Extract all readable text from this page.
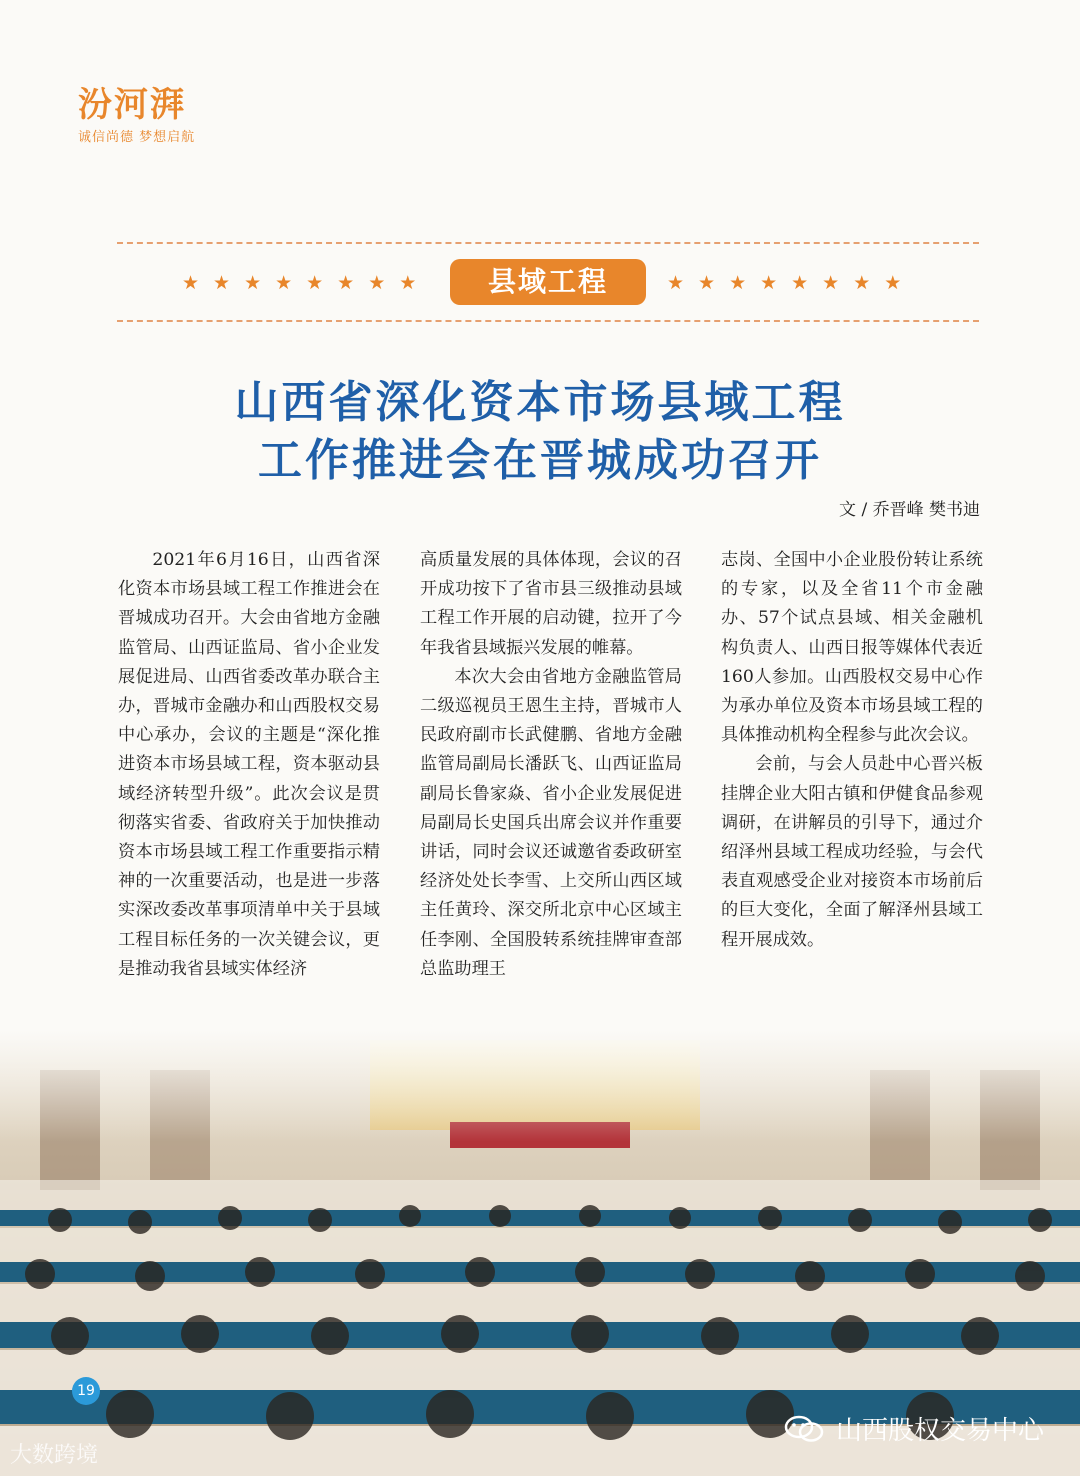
汾河湃
诚信尚德 梦想启航
★★★★★★★★	县域工程	★★★★★★★★
山西省深化资本市场县域工程
工作推进会在晋城成功召开
文 / 乔晋峰 樊书迪

2021年6月16日，山西省深化资本市场县域工程工作推进会在晋城成功召开。大会由省地方金融监管局、山西证监局、省小企业发展促进局、山西省委改革办联合主办，晋城市金融办和山西股权交易中心承办，会议的主题是“深化推进资本市场县域工程，资本驱动县域经济转型升级”。此次会议是贯彻落实省委、省政府关于加快推动资本市场县域工程工作重要指示精神的一次重要活动，也是进一步落实深改委改革事项清单中关于县域工程目标任务的一次关键会议，更是推动我省县域实体经济

高质量发展的具体体现，会议的召开成功按下了省市县三级推动县域工程工作开展的启动键，拉开了今年我省县域振兴发展的帷幕。

本次大会由省地方金融监管局二级巡视员王恩生主持，晋城市人民政府副市长武健鹏、省地方金融监管局副局长潘跃飞、山西证监局副局长鲁家焱、省小企业发展促进局副局长史国兵出席会议并作重要讲话，同时会议还诚邀省委政研室经济处处长李雪、上交所山西区域主任黄玲、深交所北京中心区域主任李刚、全国股转系统挂牌审查部总监助理王

志岗、全国中小企业股份转让系统的专家，以及全省11个市金融办、57个试点县域、相关金融机构负责人、山西日报等媒体代表近160人参加。山西股权交易中心作为承办单位及资本市场县域工程的具体推动机构全程参与此次会议。

会前，与会人员赴中心晋兴板挂牌企业大阳古镇和伊健食品参观调研，在讲解员的引导下，通过介绍泽州县域工程成功经验，与会代表直观感受企业对接资本市场前后的巨大变化，全面了解泽州县域工程开展成效。

19
大数跨境
山西股权交易中心
